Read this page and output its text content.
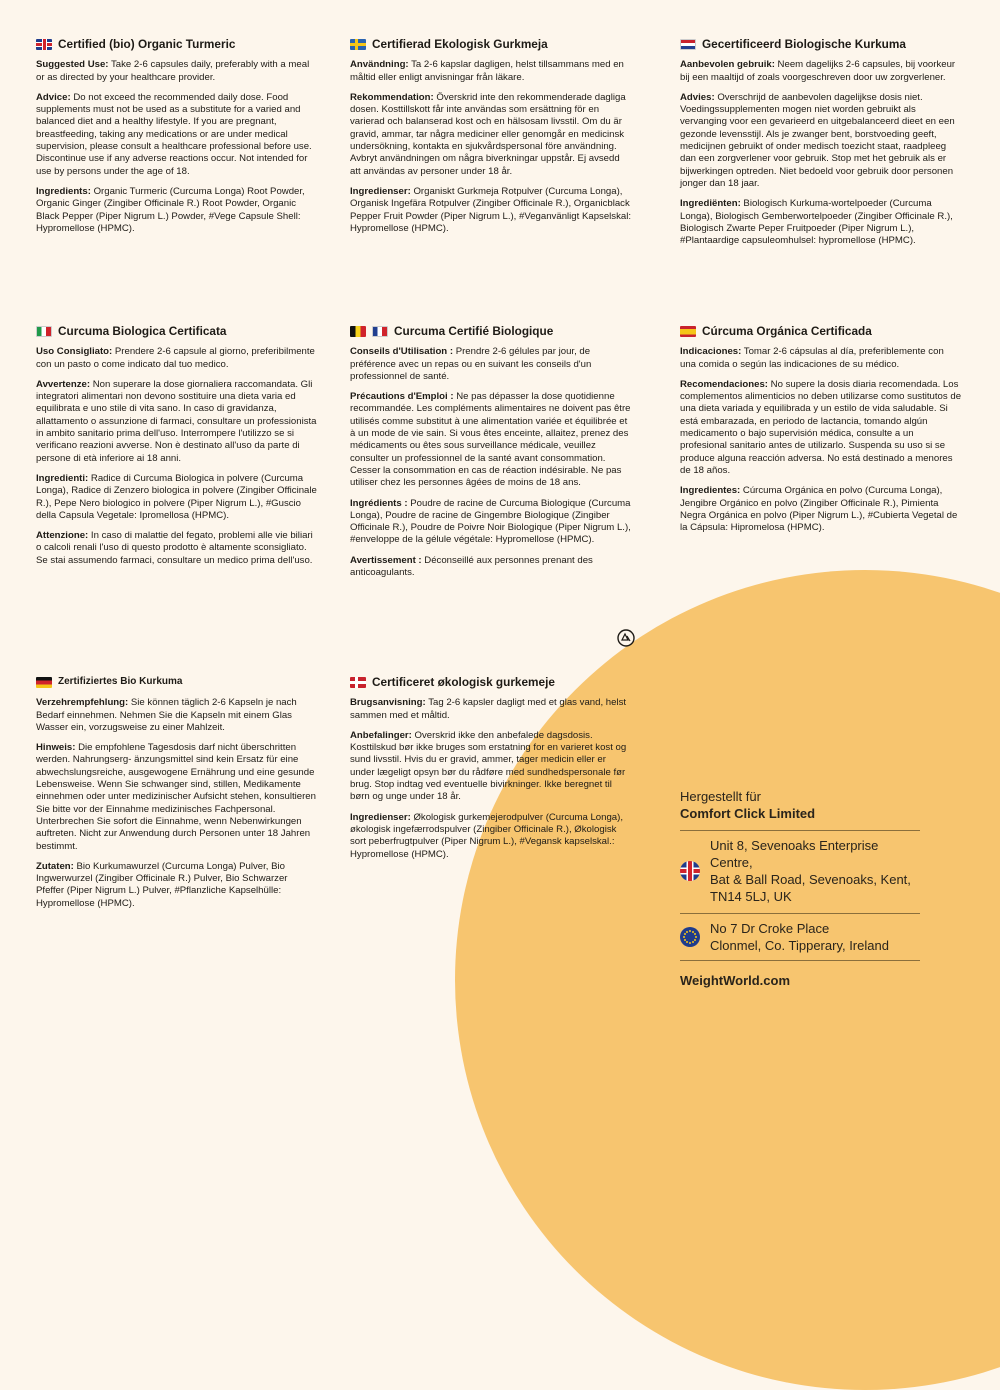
Certified (bio) Organic Turmeric

Suggested Use: Take 2-6 capsules daily, preferably with a meal or as directed by your healthcare provider.

Advice: Do not exceed the recommended daily dose. Food supplements must not be used as a substitute for a varied and balanced diet and a healthy lifestyle. If you are pregnant, breastfeeding, taking any medications or are under medical supervision, please consult a healthcare professional before use. Discontinue use if any adverse reactions occur. Not intended for use by persons under the age of 18.

Ingredients: Organic Turmeric (Curcuma Longa) Root Powder, Organic Ginger (Zingiber Officinale R.) Root Powder, Organic Black Pepper (Piper Nigrum L.) Powder, #Vege Capsule Shell: Hypromellose (HPMC).

Certifierad Ekologisk Gurkmeja

Användning: Ta 2-6 kapslar dagligen, helst tillsammans med en måltid eller enligt anvisningar från läkare.

Rekommendation: Överskrid inte den rekommenderade dagliga dosen. Kosttillskott får inte användas som ersättning för en varierad och balanserad kost och en hälsosam livsstil. Om du är gravid, ammar, tar några mediciner eller genomgår en medicinsk undersökning, kontakta en sjukvårdspersonal före användning. Avbryt användningen om några biverkningar uppstår. Ej avsedd att användas av personer under 18 år.

Ingredienser: Organiskt Gurkmeja Rotpulver (Curcuma Longa), Organisk Ingefära Rotpulver (Zingiber Officinale R.), Organicblack Pepper Fruit Powder (Piper Nigrum L.), #Veganvänligt Kapselskal: Hypromellose (HPMC).

Gecertificeerd Biologische Kurkuma

Aanbevolen gebruik: Neem dagelijks 2-6 capsules, bij voorkeur bij een maaltijd of zoals voorgeschreven door uw zorgverlener.

Advies: Overschrijd de aanbevolen dagelijkse dosis niet. Voedingssupplementen mogen niet worden gebruikt als vervanging voor een gevarieerd en uitgebalanceerd dieet en een gezonde levensstijl. Als je zwanger bent, borstvoeding geeft, medicijnen gebruikt of onder medisch toezicht staat, raadpleeg dan een zorgverlener voor gebruik. Stop met het gebruik als er bijwerkingen optreden. Niet bedoeld voor gebruik door personen jonger dan 18 jaar.

Ingrediënten: Biologisch Kurkuma-wortelpoeder (Curcuma Longa), Biologisch Gemberwortelpoeder (Zingiber Officinale R.), Biologisch Zwarte Peper Fruitpoeder (Piper Nigrum L.), #Plantaardige capsuleomhulsel: hypromellose (HPMC).

Curcuma Biologica Certificata

Uso Consigliato: Prendere 2-6 capsule al giorno, preferibilmente con un pasto o come indicato dal tuo medico.

Avvertenze: Non superare la dose giornaliera raccomandata. Gli integratori alimentari non devono sostituire una dieta varia ed equilibrata e uno stile di vita sano. In caso di gravidanza, allattamento o assunzione di farmaci, consultare un professionista in ambito sanitario prima dell'uso. Interrompere l'utilizzo se si verificano reazioni avverse. Non è destinato all'uso da parte di persone di età inferiore ai 18 anni.

Ingredienti: Radice di Curcuma Biologica in polvere (Curcuma Longa), Radice di Zenzero biologica in polvere (Zingiber Officinale R.), Pepe Nero biologico in polvere (Piper Nigrum L.), #Guscio della Capsula Vegetale: Ipromellosa (HPMC).

Attenzione: In caso di malattie del fegato, problemi alle vie biliari o calcoli renali l'uso di questo prodotto è altamente sconsigliato. Se stai assumendo farmaci, consultare un medico prima dell'uso.

Curcuma Certifié Biologique

Conseils d'Utilisation : Prendre 2-6 gélules par jour, de préférence avec un repas ou en suivant les conseils d'un professionnel de santé.

Précautions d'Emploi : Ne pas dépasser la dose quotidienne recommandée. Les compléments alimentaires ne doivent pas être utilisés comme substitut à une alimentation variée et équilibrée et à un mode de vie sain. Si vous êtes enceinte, allaitez, prenez des médicaments ou êtes sous surveillance médicale, veuillez consulter un professionnel de la santé avant consommation. Cesser la consommation en cas de réaction indésirable. Ne pas utiliser chez les personnes âgées de moins de 18 ans.

Ingrédients : Poudre de racine de Curcuma Biologique (Curcuma Longa), Poudre de racine de Gingembre Biologique (Zingiber Officinale R.), Poudre de Poivre Noir Biologique (Piper Nigrum L.), #enveloppe de la gélule végétale: Hypromellose (HPMC).

Avertissement : Déconseillé aux personnes prenant des anticoagulants.

Cúrcuma Orgánica Certificada

Indicaciones: Tomar 2-6 cápsulas al día, preferiblemente con una comida o según las indicaciones de su médico.

Recomendaciones: No supere la dosis diaria recomendada. Los complementos alimenticios no deben utilizarse como sustitutos de una dieta variada y equilibrada y un estilo de vida saludable. Si está embarazada, en periodo de lactancia, tomando algún medicamento o bajo supervisión médica, consulte a un profesional sanitario antes de utilizarlo. Suspenda su uso si se produce alguna reacción adversa. No está destinado a menores de 18 años.

Ingredientes: Cúrcuma Orgánica en polvo (Curcuma Longa), Jengibre Orgánico en polvo (Zingiber Officinale R.), Pimienta Negra Orgánica en polvo (Piper Nigrum L.), #Cubierta Vegetal de la Cápsula: Hipromelosa (HPMC).

Zertifiziertes Bio Kurkuma

Verzehrempfehlung: Sie können täglich 2-6 Kapseln je nach Bedarf einnehmen. Nehmen Sie die Kapseln mit einem Glas Wasser ein, vorzugsweise zu einer Mahlzeit.

Hinweis: Die empfohlene Tagesdosis darf nicht überschritten werden. Nahrungserg- änzungsmittel sind kein Ersatz für eine abwechslungsreiche, ausgewogene Ernährung und eine gesunde Lebensweise. Wenn Sie schwanger sind, stillen, Medikamente einnehmen oder unter medizinischer Aufsicht stehen, konsultieren Sie bitte vor der Einnahme medizinisches Fachpersonal. Unterbrechen Sie sofort die Einnahme, wenn Nebenwirkungen auftreten. Nicht zur Anwendung durch Personen unter 18 Jahren bestimmt.

Zutaten: Bio Kurkumawurzel (Curcuma Longa) Pulver, Bio Ingwerwurzel (Zingiber Officinale R.) Pulver, Bio Schwarzer Pfeffer (Piper Nigrum L.) Pulver, #Pflanzliche Kapselhülle: Hypromellose (HPMC).

Certificeret økologisk gurkemeje

Brugsanvisning: Tag 2-6 kapsler dagligt med et glas vand, helst sammen med et måltid.

Anbefalinger: Overskrid ikke den anbefalede dagsdosis. Kosttilskud bør ikke bruges som erstatning for en varieret kost og sund livsstil. Hvis du er gravid, ammer, tager medicin eller er under lægeligt opsyn bør du rådføre med sundhedspersonale før brug. Stop indtag ved eventuelle bivirkninger. Ikke beregnet til børn og unge under 18 år.

Ingredienser: Økologisk gurkemejerodpulver (Curcuma Longa), økologisk ingefærrodspulver (Zingiber Officinale R.), Økologisk sort peberfrugtpulver (Piper Nigrum L.), #Vegansk kapselskal.: Hypromellose (HPMC).

Hergestellt für
Comfort Click Limited
Unit 8, Sevenoaks Enterprise Centre,
Bat & Ball Road, Sevenoaks, Kent,
TN14 5LJ, UK
No 7 Dr Croke Place
Clonmel, Co. Tipperary, Ireland
WeightWorld.com
